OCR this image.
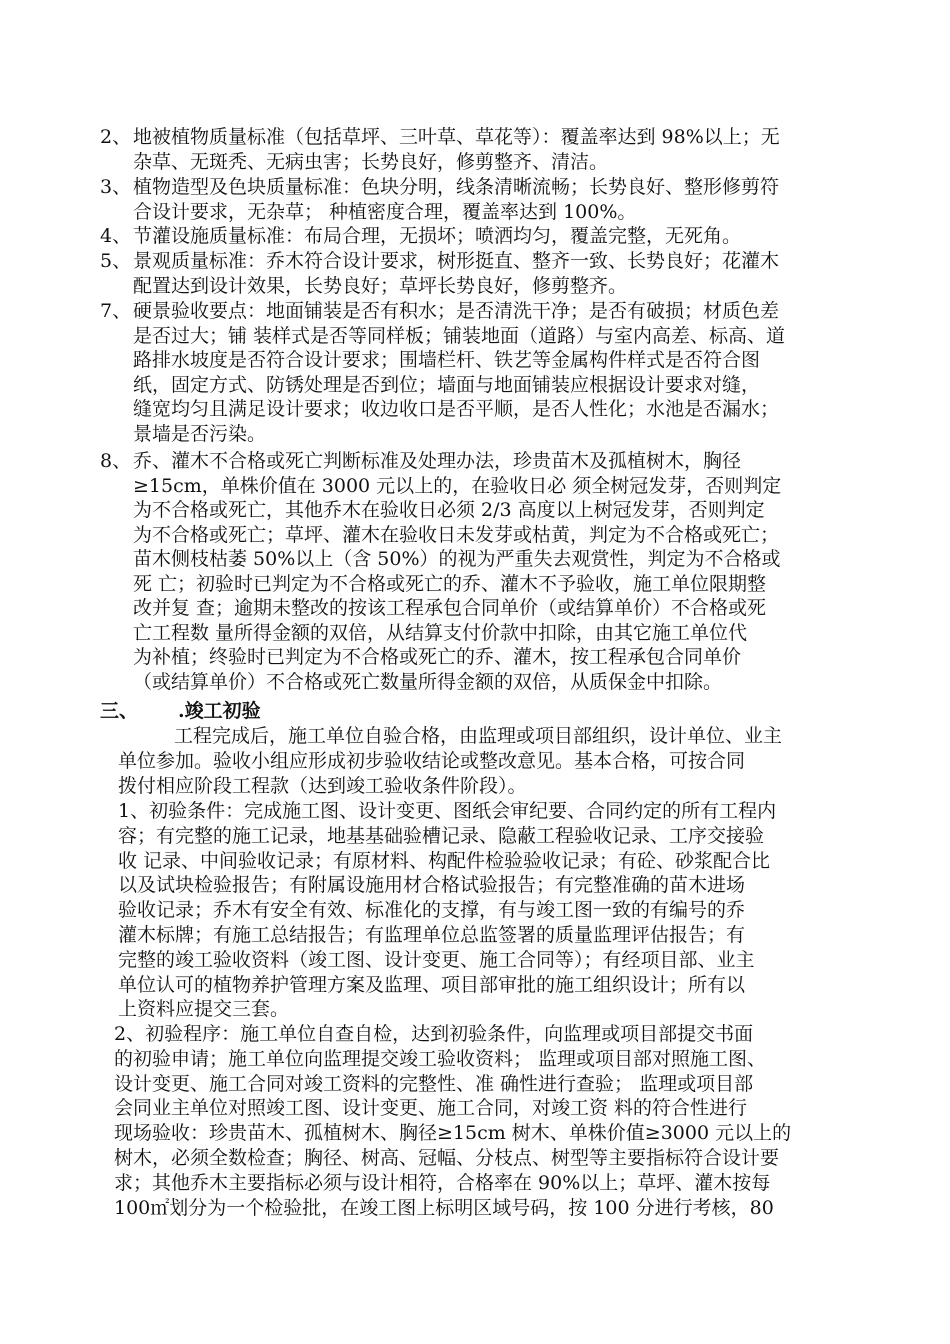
2、 地被植物质量标准（包括草坪、三叶草、草花等）：覆盖率达到 98%以上；无
杂草、无斑秃、无病虫害；长势良好，修剪整齐、清洁。
3、 植物造型及色块质量标准：色块分明，线条清晰流畅；长势良好、整形修剪符
合设计要求，无杂草； 种植密度合理，覆盖率达到 100%。
4、 节灌设施质量标准：布局合理，无损坏；喷洒均匀，覆盖完整，无死角。
5、 景观质量标准：乔木符合设计要求，树形挺直、整齐一致、长势良好；花灌木
配置达到设计效果，长势良好；草坪长势良好，修剪整齐。
7、 硬景验收要点：地面铺装是否有积水；是否清洗干净；是否有破损；材质色差
是否过大；铺 装样式是否等同样板；铺装地面（道路）与室内高差、标高、道
路排水坡度是否符合设计要求；围墙栏杆、铁艺等金属构件样式是否符合图
纸，固定方式、防锈处理是否到位；墙面与地面铺装应根据设计要求对缝，
缝宽均匀且满足设计要求；收边收口是否平顺，是否人性化；水池是否漏水；
景墙是否污染。
8、 乔、灌木不合格或死亡判断标准及处理办法，珍贵苗木及孤植树木，胸径
≥15cm，单株价值在 3000 元以上的，在验收日必 须全树冠发芽，否则判定
为不合格或死亡，其他乔木在验收日必须 2/3 高度以上树冠发芽，否则判定
为不合格或死亡；草坪、灌木在验收日未发芽或枯黄，判定为不合格或死亡；
苗木侧枝枯萎 50%以上（含 50%）的视为严重失去观赏性，判定为不合格或
死 亡；初验时已判定为不合格或死亡的乔、灌木不予验收，施工单位限期整
改并复 查；逾期未整改的按该工程承包合同单价（或结算单价）不合格或死
亡工程数 量所得金额的双倍，从结算支付价款中扣除，由其它施工单位代
为补植；终验时已判定为不合格或死亡的乔、灌木，按工程承包合同单价
（或结算单价）不合格或死亡数量所得金额的双倍，从质保金中扣除。
三、 .竣工初验
工程完成后，施工单位自验合格，由监理或项目部组织，设计单位、业主
单位参加。验收小组应形成初步验收结论或整改意见。基本合格，可按合同
拨付相应阶段工程款（达到竣工验收条件阶段）。
1、初验条件：完成施工图、设计变更、图纸会审纪要、合同约定的所有工程内
容；有完整的施工记录，地基基础验槽记录、隐蔽工程验收记录、工序交接验
收 记录、中间验收记录；有原材料、构配件检验验收记录；有砼、砂浆配合比
以及试块检验报告；有附属设施用材合格试验报告；有完整准确的苗木进场
验收记录；乔木有安全有效、标准化的支撑，有与竣工图一致的有编号的乔
灌木标牌；有施工总结报告；有监理单位总监签署的质量监理评估报告；有
完整的竣工验收资料（竣工图、设计变更、施工合同等）；有经项目部、业主
单位认可的植物养护管理方案及监理、项目部审批的施工组织设计；所有以
上资料应提交三套。
2、初验程序：施工单位自查自检，达到初验条件，向监理或项目部提交书面
的初验申请；施工单位向监理提交竣工验收资料； 监理或项目部对照施工图、
设计变更、施工合同对竣工资料的完整性、准 确性进行查验； 监理或项目部
会同业主单位对照竣工图、设计变更、施工合同，对竣工资 料的符合性进行
现场验收：珍贵苗木、孤植树木、胸径≥15cm 树木、单株价值≥3000 元以上的
树木，必须全数检查；胸径、树高、冠幅、分枝点、树型等主要指标符合设计要
求；其他乔木主要指标必须与设计相符，合格率在 90%以上；草坪、灌木按每
100㎡划分为一个检验批，在竣工图上标明区域号码，按 100 分进行考核，80
